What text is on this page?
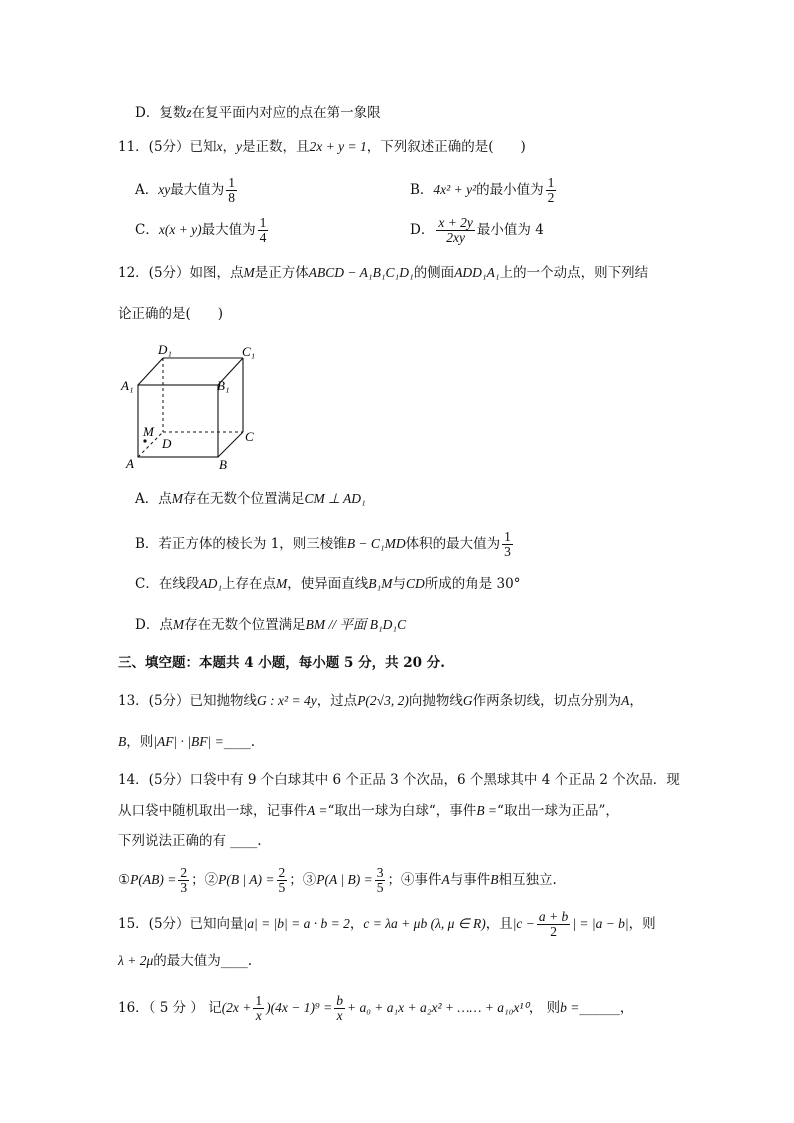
D．复数z在复平面内对应的点在第一象限
11．(5分）已知x，y是正数，且2x + y = 1，下列叙述正确的是(　　)
A．xy最大值为 $\frac{1}{8}$	B．4x² + y²的最小值为 $\frac{1}{2}$
C．x(x + y)最大值为 $\frac{1}{4}$	D． $\frac{x + 2y}{2xy}$ 最小值为 4
12．(5分）如图，点M是正方体ABCD − A₁B₁C₁D₁的侧面ADD₁A₁上的一个动点，则下列结
论正确的是(　　)
D₁	C₁
A₁	B₁
M
D	C
A	B
A．点M存在无数个位置满足CM ⊥ AD₁
B．若正方体的棱长为 1，则三棱锥B − C₁MD体积的最大值为 $\frac{1}{3}$
C．在线段AD₁上存在点M，使异面直线B₁M与CD所成的角是 30°
D．点M存在无数个位置满足BM // 平面 B₁D₁C
三、填空题：本题共 4 小题，每小题 5 分，共 20 分.
13．(5分）已知抛物线G : x² = 4y，过点P(2√3, 2)向抛物线G作两条切线，切点分别为A，
B，则|AF| · |BF| =____.
14．(5分）口袋中有 9 个白球其中 6 个正品 3 个次品，6 个黑球其中 4 个正品 2 个次品．现
从口袋中随机取出一球，记事件A =“取出一球为白球“，事件B =“取出一球为正品”，
下列说法正确的有 ____.
①P(AB) = $\frac{2}{3}$ ；②P(B | $A) = \frac{2}{5}$ ；③P(A | $B) = \frac{3}{5}$ ；④事件A与事件B相互独立.
15．(5分）已知向量|a| = |b| = a · b = 2，c = λa + μb (λ, μ ∈ R)，且$|c - \frac{a + b}{2}$ | = |a − b|，则
λ + 2μ的最大值为____.
16．（ 5 分 ） 记$(2x + \frac{1}{x} )(4x - 1)^9 = \frac{b}{x} + a_0 + a_1x + a_2x^2$ + …… + a₁₀x¹⁰， 则b =______，
